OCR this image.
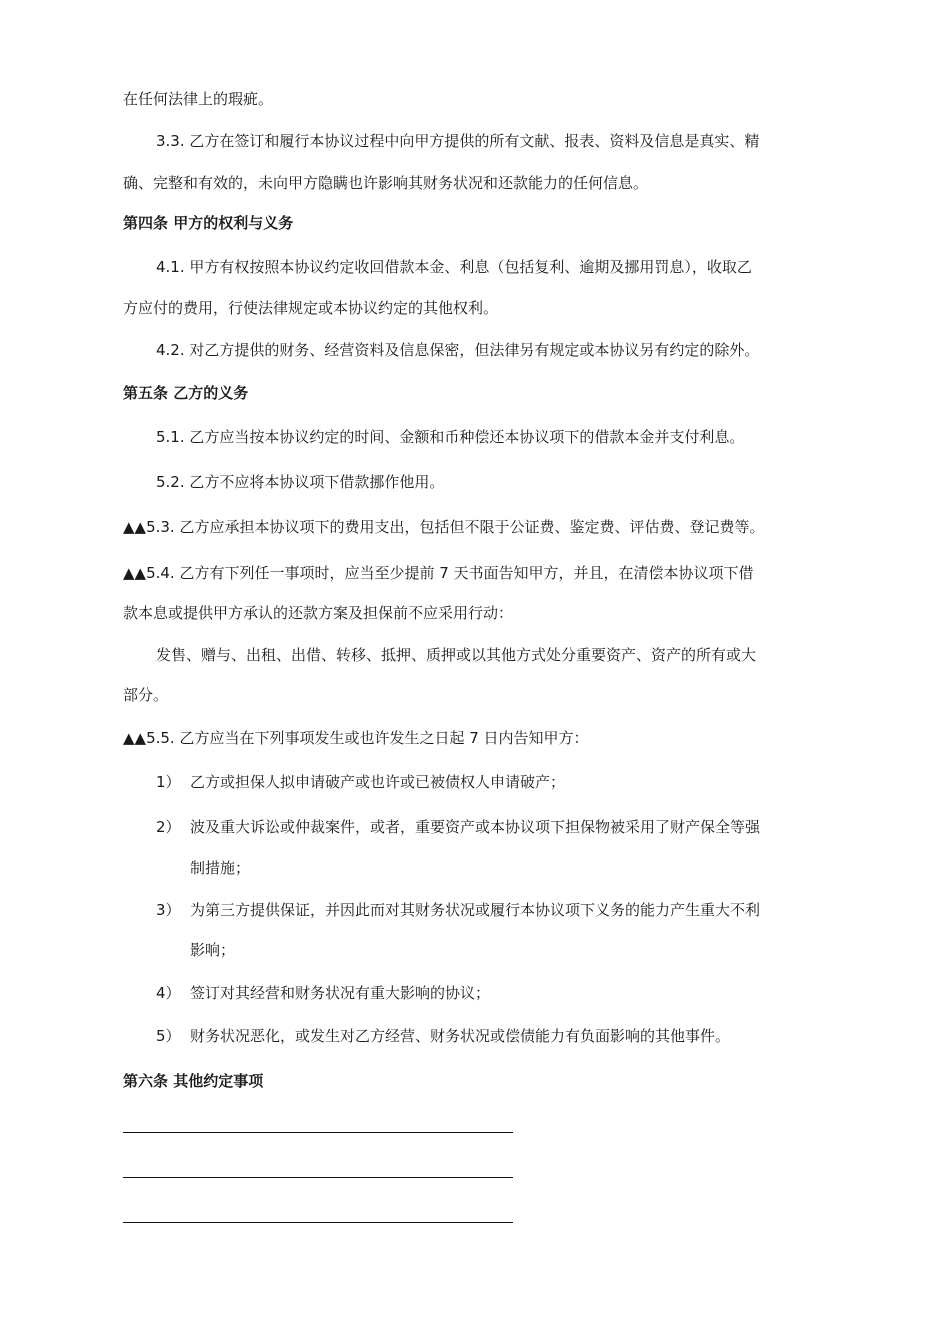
在任何法律上的瑕疵。
3.3. 乙方在签订和履行本协议过程中向甲方提供的所有文献、报表、资料及信息是真实、精
确、完整和有效的，未向甲方隐瞒也许影响其财务状况和还款能力的任何信息。
第四条 甲方的权利与义务
4.1. 甲方有权按照本协议约定收回借款本金、利息（包括复利、逾期及挪用罚息），收取乙
方应付的费用，行使法律规定或本协议约定的其他权利。
4.2. 对乙方提供的财务、经营资料及信息保密，但法律另有规定或本协议另有约定的除外。
第五条 乙方的义务
5.1. 乙方应当按本协议约定的时间、金额和币种偿还本协议项下的借款本金并支付利息。
5.2. 乙方不应将本协议项下借款挪作他用。
▲▲5.3. 乙方应承担本协议项下的费用支出，包括但不限于公证费、鉴定费、评估费、登记费等。
▲▲5.4. 乙方有下列任一事项时，应当至少提前 7 天书面告知甲方，并且，在清偿本协议项下借
款本息或提供甲方承认的还款方案及担保前不应采用行动：
发售、赠与、出租、出借、转移、抵押、质押或以其他方式处分重要资产、资产的所有或大
部分。
▲▲5.5. 乙方应当在下列事项发生或也许发生之日起 7 日内告知甲方：
1） 乙方或担保人拟申请破产或也许或已被债权人申请破产；
2） 波及重大诉讼或仲裁案件，或者，重要资产或本协议项下担保物被采用了财产保全等强
制措施；
3） 为第三方提供保证，并因此而对其财务状况或履行本协议项下义务的能力产生重大不利
影响；
4） 签订对其经营和财务状况有重大影响的协议；
5） 财务状况恶化，或发生对乙方经营、财务状况或偿债能力有负面影响的其他事件。
第六条 其他约定事项
